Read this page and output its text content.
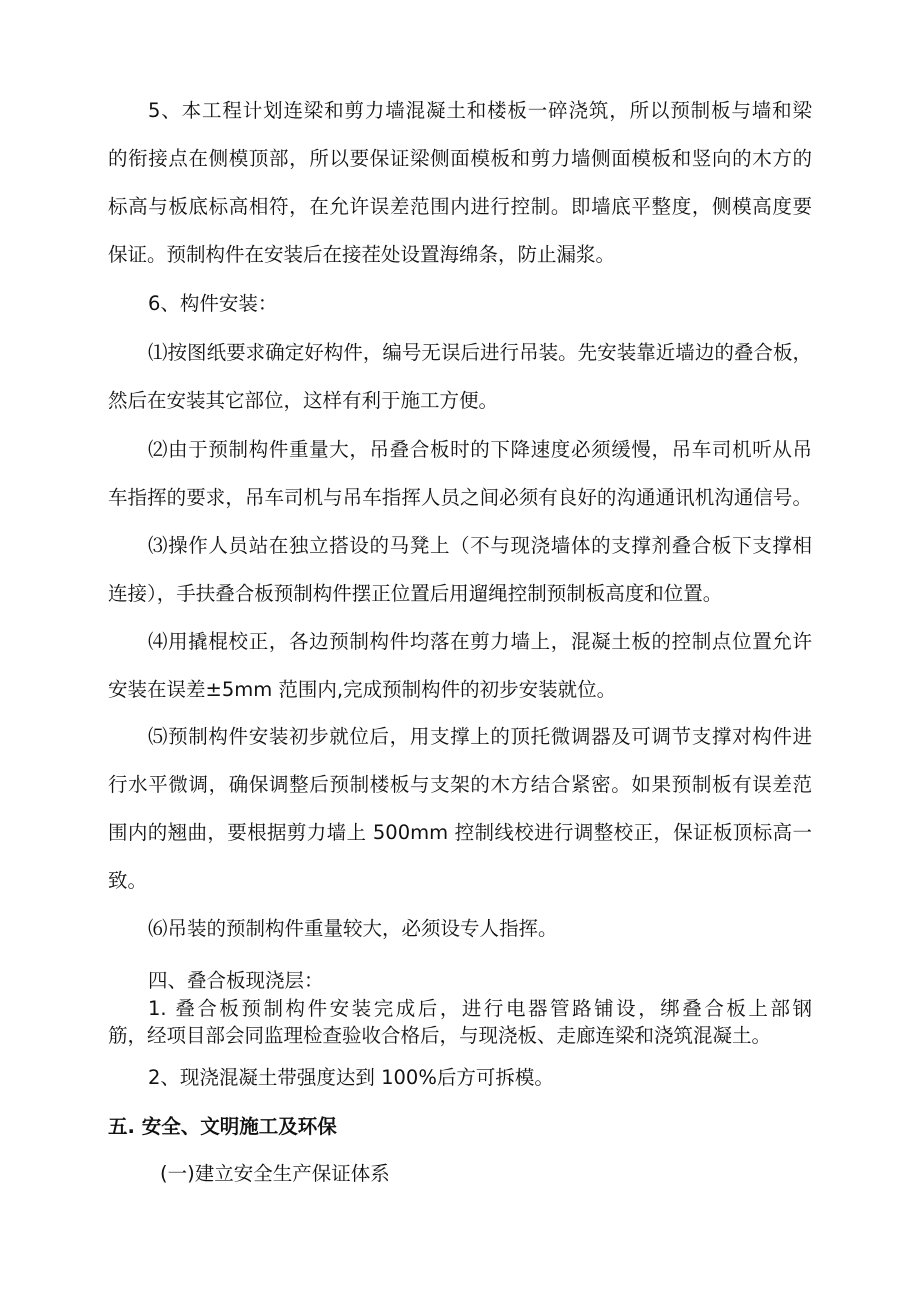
5、本工程计划连梁和剪力墙混凝土和楼板一碎浇筑，所以预制板与墙和梁
的衔接点在侧模顶部，所以要保证梁侧面模板和剪力墙侧面模板和竖向的木方的
标高与板底标高相符，在允许误差范围内进行控制。即墙底平整度，侧模高度要
保证。预制构件在安装后在接茬处设置海绵条，防止漏浆。
6、构件安装：
⑴按图纸要求确定好构件，编号无误后进行吊装。先安装靠近墙边的叠合板，
然后在安装其它部位，这样有利于施工方便。
⑵由于预制构件重量大，吊叠合板时的下降速度必须缓慢，吊车司机听从吊
车指挥的要求，吊车司机与吊车指挥人员之间必须有良好的沟通通讯机沟通信号。
⑶操作人员站在独立搭设的马凳上（不与现浇墙体的支撑剂叠合板下支撑相
连接），手扶叠合板预制构件摆正位置后用遛绳控制预制板高度和位置。
⑷用撬棍校正，各边预制构件均落在剪力墙上，混凝土板的控制点位置允许
安装在误差±5mm 范围内,完成预制构件的初步安装就位。
⑸预制构件安装初步就位后，用支撑上的顶托微调器及可调节支撑对构件进
行水平微调，确保调整后预制楼板与支架的木方结合紧密。如果预制板有误差范
围内的翘曲，要根据剪力墙上 500mm 控制线校进行调整校正，保证板顶标高一
致。
⑹吊装的预制构件重量较大，必须设专人指挥。
四、叠合板现浇层：
1. 叠合板预制构件安装完成后，进行电器管路铺设，绑叠合板上部钢
筋，经项目部会同监理检查验收合格后，与现浇板、走廊连梁和浇筑混凝土。
2、现浇混凝土带强度达到 100%后方可拆模。
五. 安全、文明施工及环保
(一)建立安全生产保证体系
